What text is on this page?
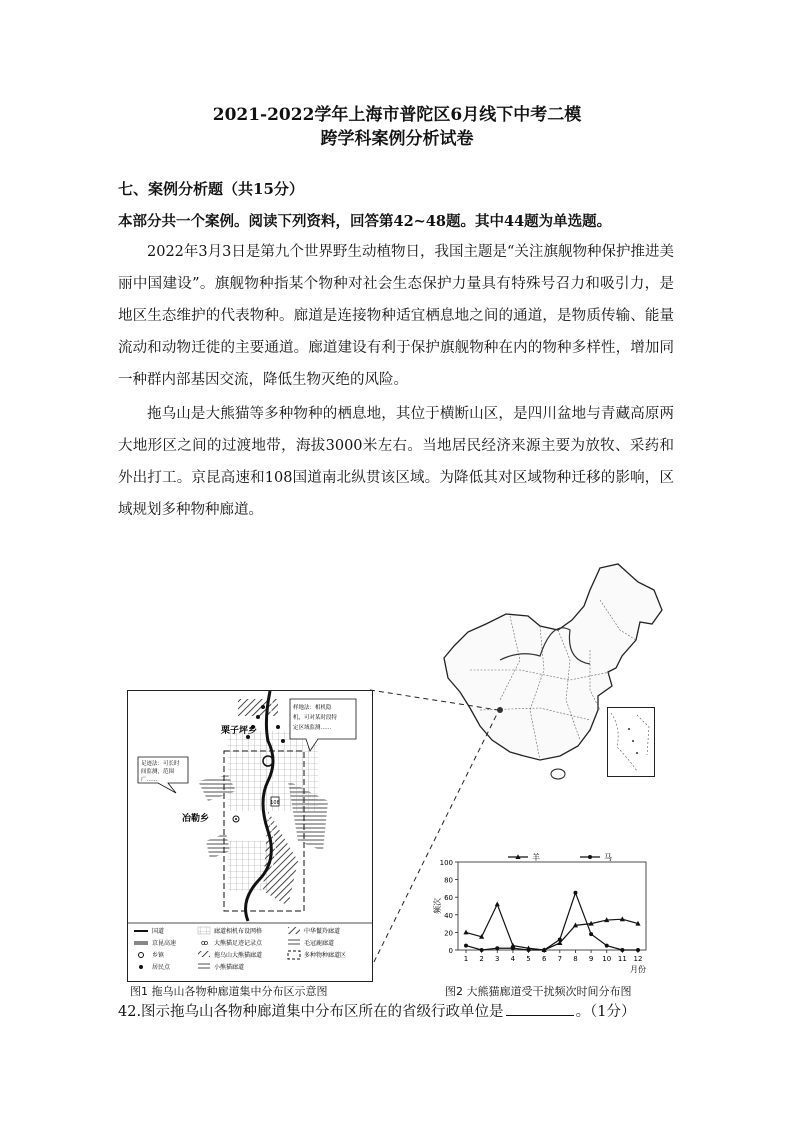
2021-2022学年上海市普陀区6月线下中考二模
跨学科案例分析试卷
七、案例分析题（共15分）
本部分共一个案例。阅读下列资料，回答第42~48题。其中44题为单选题。
2022年3月3日是第九个世界野生动植物日，我国主题是“关注旗舰物种保护推进美丽中国建设”。旗舰物种指某个物种对社会生态保护力量具有特殊号召力和吸引力，是地区生态维护的代表物种。廊道是连接物种适宜栖息地之间的通道，是物质传输、能量流动和动物迁徙的主要通道。廊道建设有利于保护旗舰物种在内的物种多样性，增加同一种群内部基因交流，降低生物灭绝的风险。
拖乌山是大熊猫等多种物种的栖息地，其位于横断山区，是四川盆地与青藏高原两大地形区之间的过渡地带，海拔3000米左右。当地居民经济来源主要为放牧、采药和外出打工。京昆高速和108国道南北纵贯该区域。为降低其对区域物种迁移的影响，区域规划多种物种廊道。
108
栗子坪乡
冶勒乡
足迹法：可长时
间监测，范围
广……
样地法：相机隐
机，可对某时段特
定区域监测……
国道
京昆高速
乡镇
居民点
廊道相机布设网格
ꝏ 大熊猫足迹记录点
拖乌山大熊猫廊道
小熊猫廊道
中华鬣羚廊道
毛冠鹿廊道
多种物种廊道区
0
20
40
60
80
100
1 2 3 4 5 6 7 8 9 10 11 12
频次
月份
羊	马
图1 拖乌山各物种廊道集中分布区示意图	图2 大熊猫廊道受干扰频次时间分布图
42.图示拖乌山各物种廊道集中分布区所在的省级行政单位是	。（1分）
